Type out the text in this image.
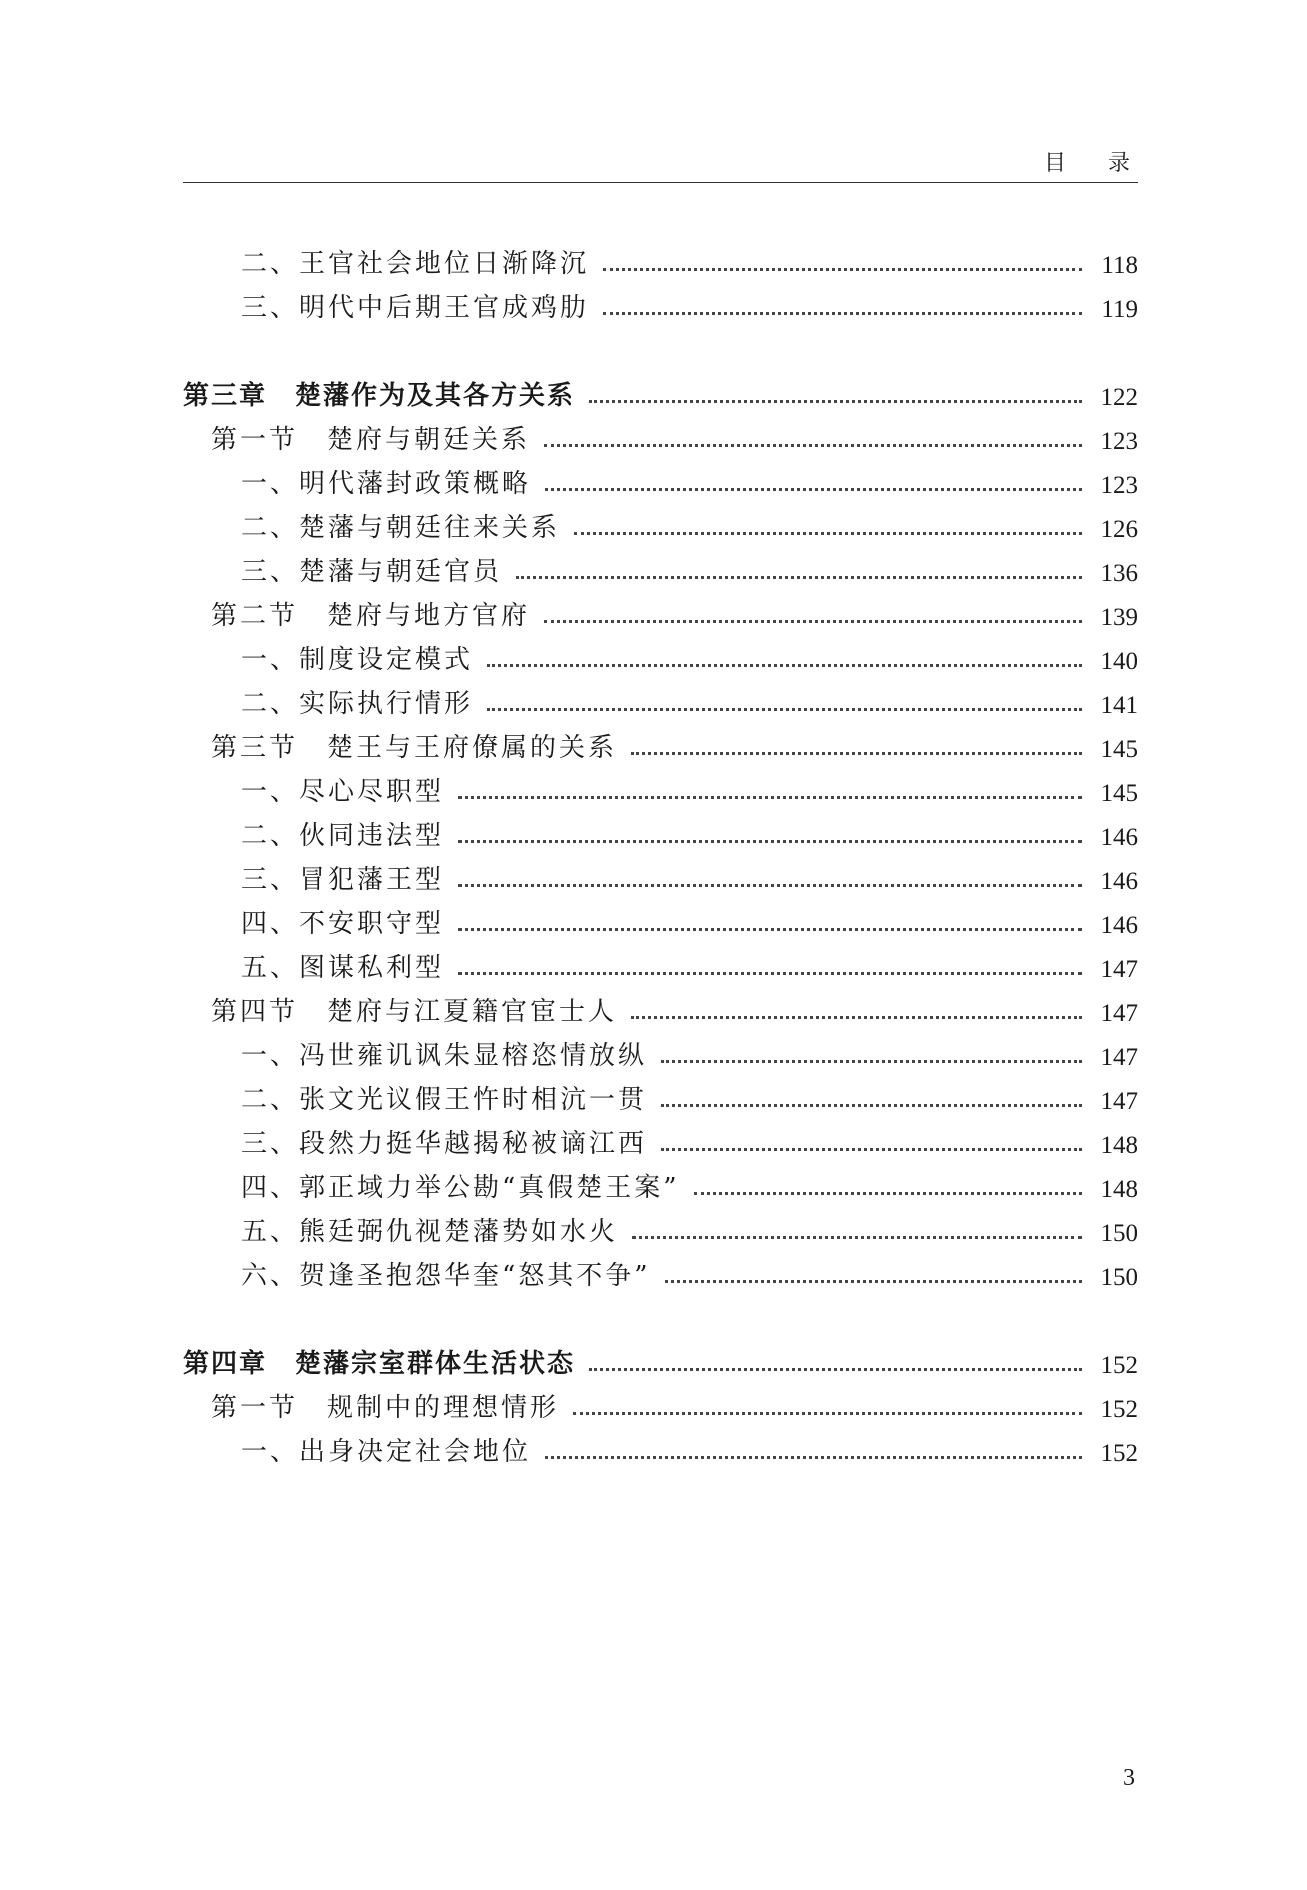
目录
二、王官社会地位日渐降沉	118
三、明代中后期王官成鸡肋	119
第三章　楚藩作为及其各方关系	122
第一节　楚府与朝廷关系	123
一、明代藩封政策概略	123
二、楚藩与朝廷往来关系	126
三、楚藩与朝廷官员	136
第二节　楚府与地方官府	139
一、制度设定模式	140
二、实际执行情形	141
第三节　楚王与王府僚属的关系	145
一、尽心尽职型	145
二、伙同违法型	146
三、冒犯藩王型	146
四、不安职守型	146
五、图谋私利型	147
第四节　楚府与江夏籍官宦士人	147
一、冯世雍讥讽朱显榕恣情放纵	147
二、张文光议假王忤时相沆一贯	147
三、段然力挺华越揭秘被谪江西	148
四、郭正域力举公勘“真假楚王案”	148
五、熊廷弼仇视楚藩势如水火	150
六、贺逢圣抱怨华奎“怒其不争”	150
第四章　楚藩宗室群体生活状态	152
第一节　规制中的理想情形	152
一、出身决定社会地位	152
3
